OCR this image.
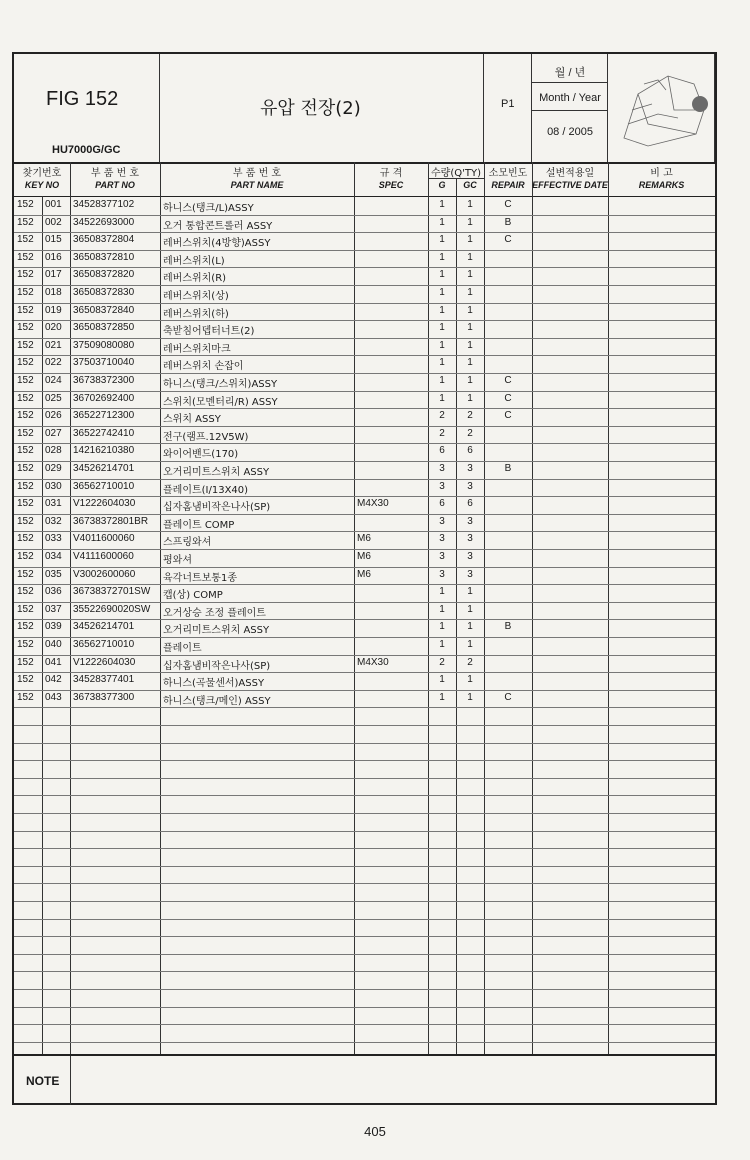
FIG 152
HU7000G/GC
유압 전장(2)	P1
월 / 년
Month / Year
08 / 2005
찾기번호
KEY NO
부 품 번 호
PART NO
부 품 번 호
PART NAME
규 격
SPEC
수량(Q'TY)
G	GC
소모빈도
REPAIR
설변적용일
EFFECTIVE DATE
비 고
REMARKS
152 001 34528377102	하니스(탱크/L)ASSY	1	1	C
152 002 34522693000	오거 통합콘트롤러 ASSY	1	1	B
152 015 36508372804	레버스위치(4방향)ASSY	1	1	C
152 016 36508372810	레버스위치(L)	1	1
152 017 36508372820	레버스위치(R)	1	1
152 018 36508372830	레버스위치(상)	1	1
152 019 36508372840	레버스위치(하)	1	1
152 020 36508372850	축받침어뎁터너트(2)	1	1
152 021 37509080080	레버스위치마크	1	1
152 022 37503710040	레버스위치 손잡이	1	1
152 024 36738372300	하니스(탱크/스위치)ASSY	1	1	C
152 025 36702692400	스위치(모멘터리/R) ASSY	1	1	C
152 026 36522712300	스위치 ASSY	2	2	C
152 027 36522742410	전구(램프.12V5W)	2	2
152 028 14216210380	와이어밴드(170)	6	6
152 029 34526214701	오거리미트스위치 ASSY	3	3	B
152 030 36562710010	플레이트(I/13X40)	3	3
152 031 V1222604030	십자홈냄비작은나사(SP)	M4X30	6	6
152 032 36738372801BR 플레이트 COMP	3	3
152 033 V4011600060	스프링와셔	M6	3	3
152 034 V4111600060	평와셔	M6	3	3
152 035 V3002600060	육각너트보통1종	M6	3	3
152 036 36738372701SW 캡(상) COMP	1	1
152 037 35522690020SW 오거상승 조정 플레이트	1	1
152 039 34526214701	오거리미트스위치 ASSY	1	1	B
152 040 36562710010	플레이트	1	1
152 041 V1222604030	십자홈냄비작은나사(SP)	M4X30	2	2
152 042 34528377401	하니스(곡물센서)ASSY	1	1
152 043 36738377300	하니스(탱크/메인) ASSY	1	1	C
NOTE
405
